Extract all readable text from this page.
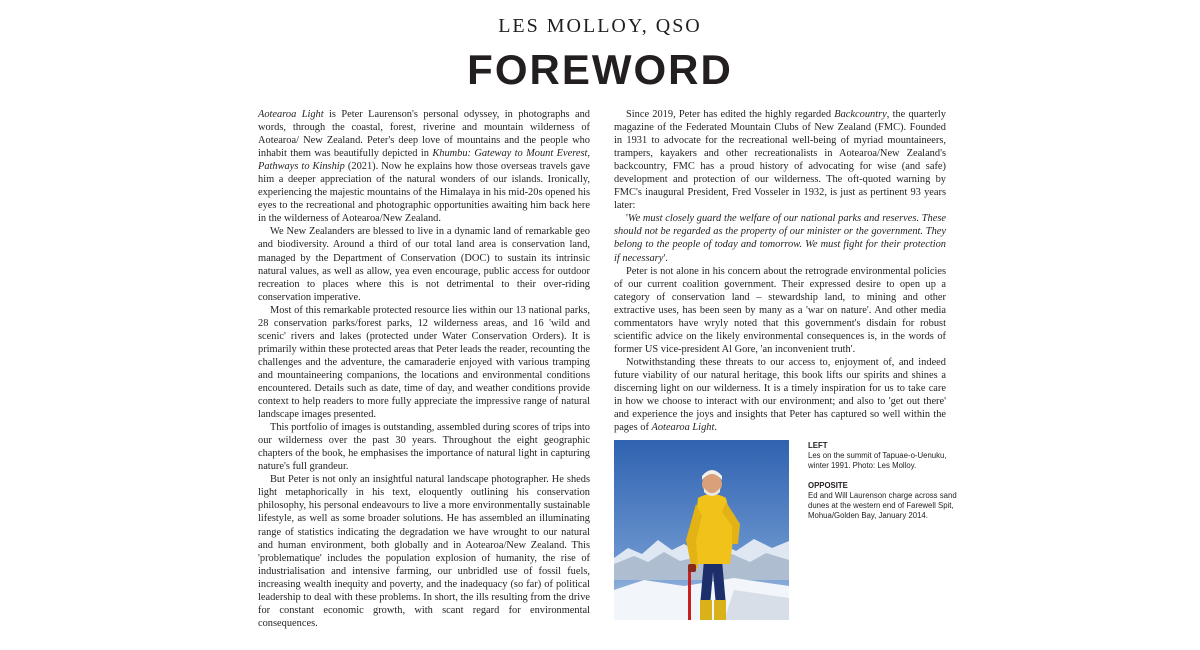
LES MOLLOY, QSO
FOREWORD

Aotearoa Light is Peter Laurenson's personal odyssey, in photographs and words, through the coastal, forest, riverine and mountain wilderness of Aotearoa/ New Zealand. Peter's deep love of mountains and the people who inhabit them was beautifully depicted in Khumbu: Gateway to Mount Everest, Pathways to Kinship (2021). Now he explains how those overseas travels gave him a deeper appreciation of the natural wonders of our islands. Ironically, experiencing the majestic mountains of the Himalaya in his mid-20s opened his eyes to the recreational and photographic opportunities awaiting him back here in the wilderness of Aotearoa/New Zealand.

We New Zealanders are blessed to live in a dynamic land of remarkable geo and biodiversity. Around a third of our total land area is conservation land, managed by the Department of Conservation (DOC) to sustain its intrinsic natural values, as well as allow, yea even encourage, public access for outdoor recreation to places where this is not detrimental to their over-riding conservation imperative.

Most of this remarkable protected resource lies within our 13 national parks, 28 conservation parks/forest parks, 12 wilderness areas, and 16 'wild and scenic' rivers and lakes (protected under Water Conservation Orders). It is primarily within these protected areas that Peter leads the reader, recounting the challenges and the adventure, the camaraderie enjoyed with various tramping and mountaineering companions, the locations and environmental conditions encountered. Details such as date, time of day, and weather conditions provide context to help readers to more fully appreciate the impressive range of natural landscape images presented.

This portfolio of images is outstanding, assembled during scores of trips into our wilderness over the past 30 years. Throughout the eight geographic chapters of the book, he emphasises the importance of natural light in capturing nature's full grandeur.

But Peter is not only an insightful natural landscape photographer. He sheds light metaphorically in his text, eloquently outlining his conservation philosophy, his personal endeavours to live a more environmentally sustainable lifestyle, as well as some broader solutions. He has assembled an illuminating range of statistics indicating the degradation we have wrought to our natural and human environment, both globally and in Aotearoa/New Zealand. This 'problematique' includes the population explosion of humanity, the rise of industrialisation and intensive farming, our unbridled use of fossil fuels, increasing wealth inequity and poverty, and the inadequacy (so far) of political leadership to deal with these problems. In short, the ills resulting from the drive for constant economic growth, with scant regard for environmental consequences.

Since 2019, Peter has edited the highly regarded Backcountry, the quarterly magazine of the Federated Mountain Clubs of New Zealand (FMC). Founded in 1931 to advocate for the recreational well-being of myriad mountaineers, trampers, kayakers and other recreationalists in Aotearoa/New Zealand's backcountry, FMC has a proud history of advocating for wise (and safe) development and protection of our wilderness. The oft-quoted warning by FMC's inaugural President, Fred Vosseler in 1932, is just as pertinent 93 years later:

'We must closely guard the welfare of our national parks and reserves. These should not be regarded as the property of our minister or the government. They belong to the people of today and tomorrow. We must fight for their protection if necessary'.

Peter is not alone in his concern about the retrograde environmental policies of our current coalition government. Their expressed desire to open up a category of conservation land – stewardship land, to mining and other extractive uses, has been seen by many as a 'war on nature'. And other media commentators have wryly noted that this government's disdain for robust scientific advice on the likely environmental consequences is, in the words of former US vice-president Al Gore, 'an inconvenient truth'.

Notwithstanding these threats to our access to, enjoyment of, and indeed future viability of our natural heritage, this book lifts our spirits and shines a discerning light on our wilderness. It is a timely inspiration for us to take care in how we choose to interact with our environment; and also to 'get out there' and experience the joys and insights that Peter has captured so well within the pages of Aotearoa Light.

LEFT
Les on the summit of Tapuae-o-Uenuku, winter 1991. Photo: Les Molloy.
OPPOSITE
Ed and Will Laurenson charge across sand dunes at the western end of Farewell Spit, Mohua/Golden Bay, January 2014.
